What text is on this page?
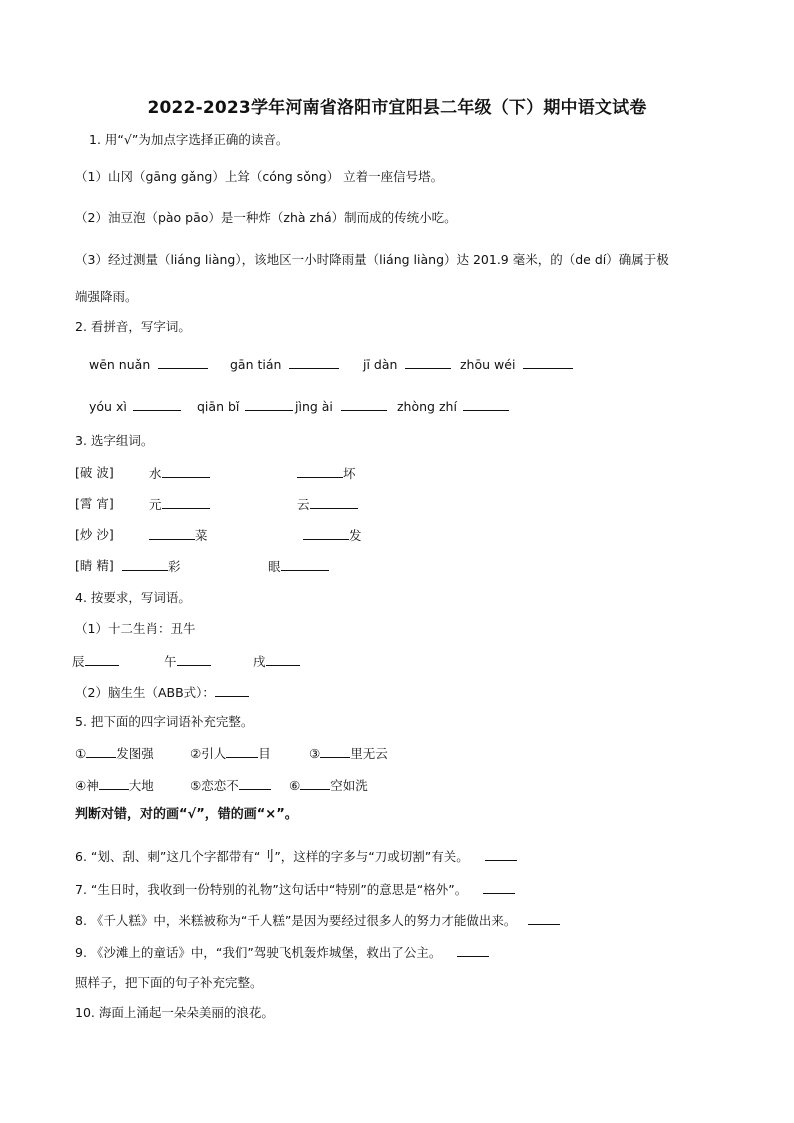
2022-2023学年河南省洛阳市宜阳县二年级（下）期中语文试卷
1. 用“√”为加点字选择正确的读音。
（1）山冈（gāng gǎng）上耸（cóng sǒng） 立着一座信号塔。
（2）油豆泡（pào pāo）是一种炸（zhà zhá）制而成的传统小吃。
（3）经过测量（liáng liàng），该地区一小时降雨量（liáng liàng）达 201.9 毫米，的（de dí）确属于极
端强降雨。
2. 看拼音，写字词。
wēn nuǎn	gān tián	jī dàn	zhōu wéi
yóu xì	qiān bǐ	jìng ài	zhòng zhí
3. 选字组词。
[破 波]	水	坏
[霄 宵]	元	云
[炒 沙]	菜	发
[睛 精]	彩	眼
4. 按要求，写词语。
（1）十二生肖：丑牛
辰	午	戌
（2）脑生生（ABB式）：
5. 把下面的四字词语补充完整。
① 发图强	②引人	目	③ 里无云
④神 大地	⑤恋恋不	⑥ 空如洗
判断对错，对的画“√”，错的画“×”。
6. “划、刮、刺”这几个字都带有“刂”，这样的字多与“刀或切割”有关。
7. “生日时，我收到一份特别的礼物”这句话中“特别”的意思是“格外”。
8. 《千人糕》中，米糕被称为“千人糕”是因为要经过很多人的努力才能做出来。
9. 《沙滩上的童话》中，“我们”驾驶飞机轰炸城堡，救出了公主。
照样子，把下面的句子补充完整。
10. 海面上涌起一朵朵美丽的浪花。
